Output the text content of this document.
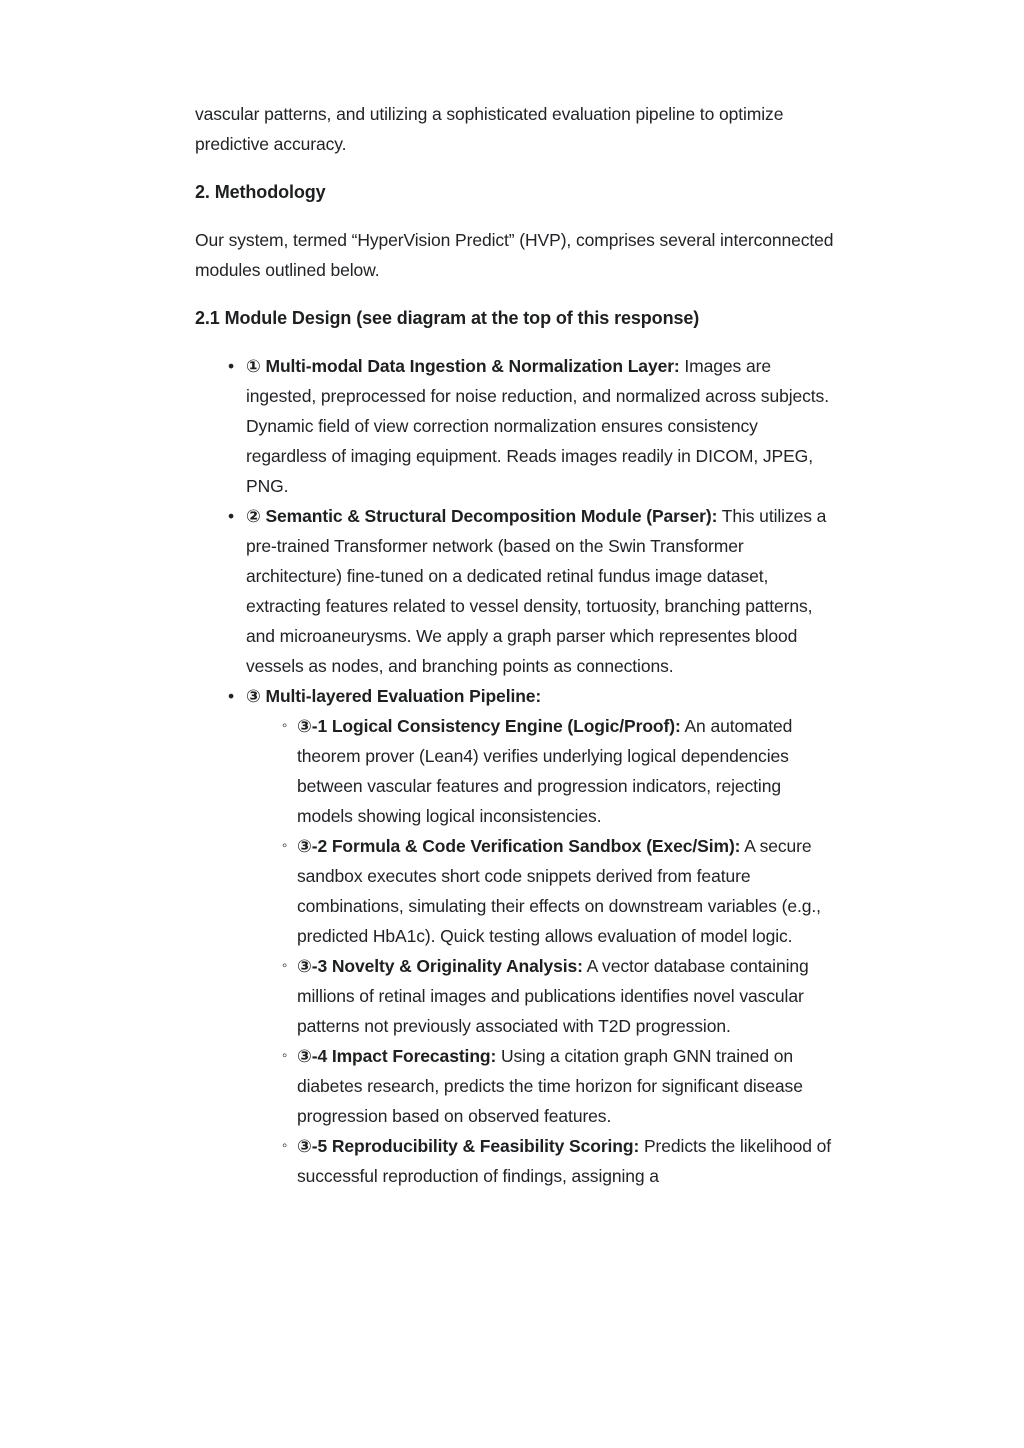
vascular patterns, and utilizing a sophisticated evaluation pipeline to optimize predictive accuracy.

2. Methodology

Our system, termed “HyperVision Predict” (HVP), comprises several interconnected modules outlined below.

2.1 Module Design (see diagram at the top of this response)
• ① Multi-modal Data Ingestion & Normalization Layer: Images are ingested, preprocessed for noise reduction, and normalized across subjects. Dynamic field of view correction normalization ensures consistency regardless of imaging equipment. Reads images readily in DICOM, JPEG, PNG.
• ② Semantic & Structural Decomposition Module (Parser): This utilizes a pre-trained Transformer network (based on the Swin Transformer architecture) fine-tuned on a dedicated retinal fundus image dataset, extracting features related to vessel density, tortuosity, branching patterns, and microaneurysms. We apply a graph parser which representes blood vessels as nodes, and branching points as connections.
• ③ Multi-layered Evaluation Pipeline:
◦ ③-1 Logical Consistency Engine (Logic/Proof): An automated theorem prover (Lean4) verifies underlying logical dependencies between vascular features and progression indicators, rejecting models showing logical inconsistencies.
◦ ③-2 Formula & Code Verification Sandbox (Exec/Sim): A secure sandbox executes short code snippets derived from feature combinations, simulating their effects on downstream variables (e.g., predicted HbA1c). Quick testing allows evaluation of model logic.
◦ ③-3 Novelty & Originality Analysis: A vector database containing millions of retinal images and publications identifies novel vascular patterns not previously associated with T2D progression.
◦ ③-4 Impact Forecasting: Using a citation graph GNN trained on diabetes research, predicts the time horizon for significant disease progression based on observed features.
◦ ③-5 Reproducibility & Feasibility Scoring: Predicts the likelihood of successful reproduction of findings, assigning a
